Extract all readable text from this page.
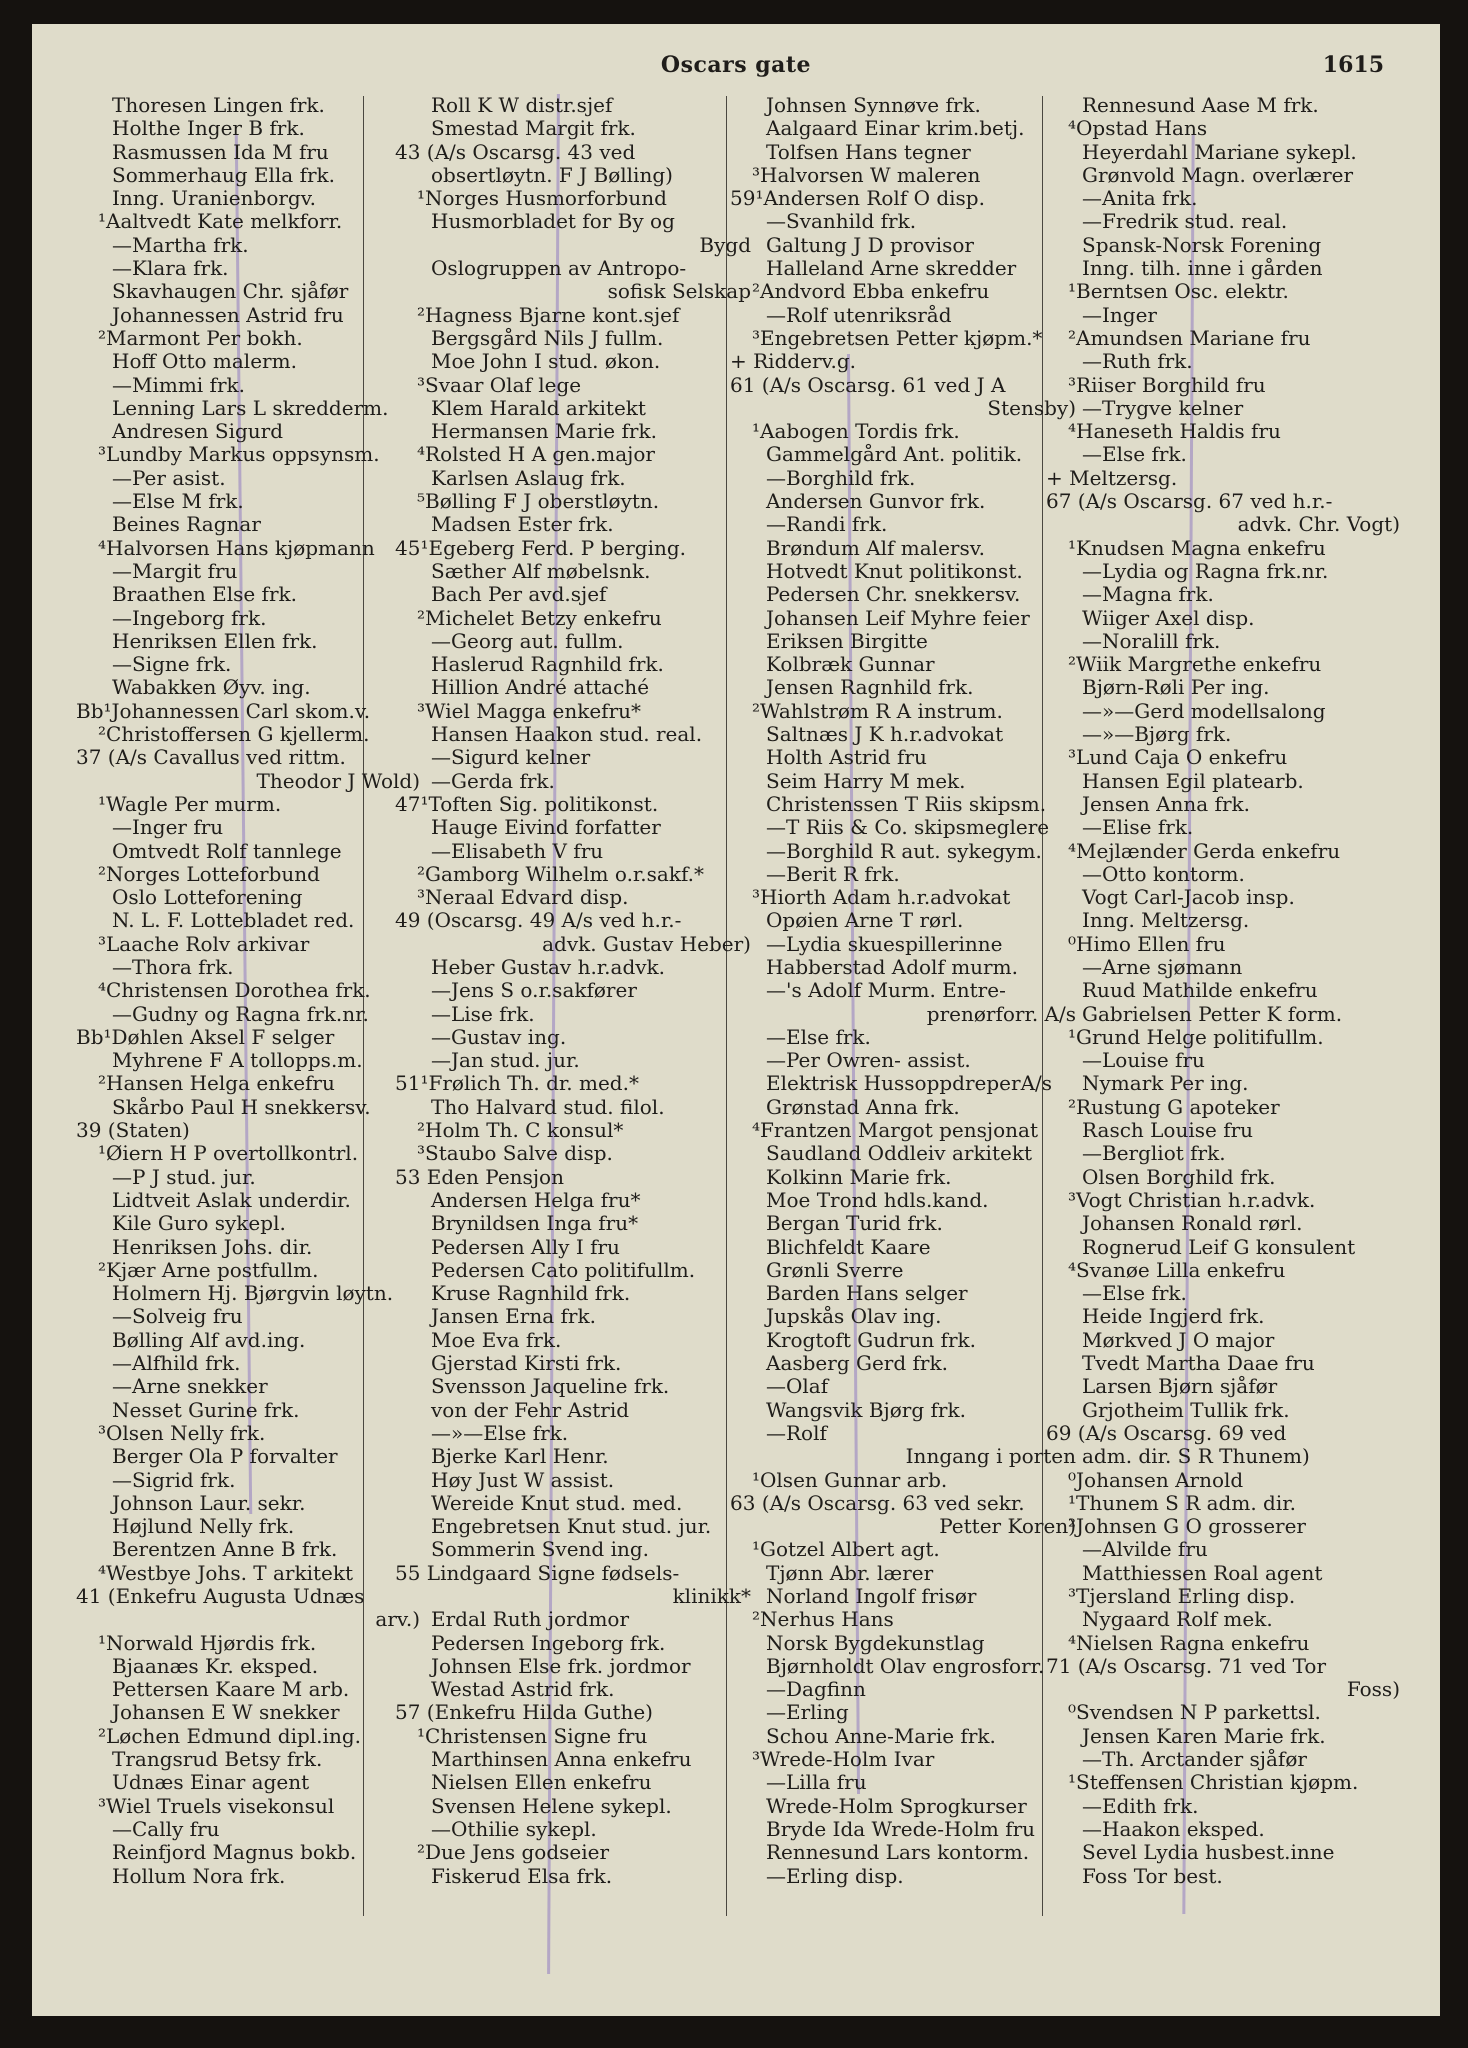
Oscars gate	1615
Thoresen Lingen frk.
Holthe Inger B frk.
Rasmussen Ida M fru
Sommerhaug Ella frk.
Inng. Uranienborgv.
¹Aaltvedt Kate melkforr.
—Martha frk.
—Klara frk.
Skavhaugen Chr. sjåfør
Johannessen Astrid fru
²Marmont Per bokh.
Hoff Otto malerm.
—Mimmi frk.
Lenning Lars L skredderm.
Andresen Sigurd
³Lundby Markus oppsynsm.
—Per asist.
—Else M frk.
Beines Ragnar
⁴Halvorsen Hans kjøpmann
—Margit fru
Braathen Else frk.
—Ingeborg frk.
Henriksen Ellen frk.
—Signe frk.
Wabakken Øyv. ing.
Bb¹Johannessen Carl skom.v.
²Christoffersen G kjellerm.
37 (A/s Cavallus ved rittm.
Theodor J Wold)
¹Wagle Per murm.
—Inger fru
Omtvedt Rolf tannlege
²Norges Lotteforbund
Oslo Lotteforening
N. L. F. Lottebladet red.
³Laache Rolv arkivar
—Thora frk.
⁴Christensen Dorothea frk.
—Gudny og Ragna frk.nr.
Bb¹Døhlen Aksel F selger
Myhrene F A tollopps.m.
²Hansen Helga enkefru
Skårbo Paul H snekkersv.
39 (Staten)
¹Øiern H P overtollkontrl.
—P J stud. jur.
Lidtveit Aslak underdir.
Kile Guro sykepl.
Henriksen Johs. dir.
²Kjær Arne postfullm.
Holmern Hj. Bjørgvin løytn.
—Solveig fru
Bølling Alf avd.ing.
—Alfhild frk.
—Arne snekker
Nesset Gurine frk.
³Olsen Nelly frk.
Berger Ola P forvalter
—Sigrid frk.
Johnson Laur. sekr.
Højlund Nelly frk.
Berentzen Anne B frk.
⁴Westbye Johs. T arkitekt
41 (Enkefru Augusta Udnæs
arv.)
¹Norwald Hjørdis frk.
Bjaanæs Kr. eksped.
Pettersen Kaare M arb.
Johansen E W snekker
²Løchen Edmund dipl.ing.
Trangsrud Betsy frk.
Udnæs Einar agent
³Wiel Truels visekonsul
—Cally fru
Reinfjord Magnus bokb.
Hollum Nora frk.
Roll K W distr.sjef
Smestad Margit frk.
43 (A/s Oscarsg. 43 ved
obsertløytn. F J Bølling)
¹Norges Husmorforbund
Husmorbladet for By og
Bygd
Oslogruppen av Antropo-
sofisk Selskap
²Hagness Bjarne kont.sjef
Bergsgård Nils J fullm.
Moe John I stud. økon.
³Svaar Olaf lege
Klem Harald arkitekt
Hermansen Marie frk.
⁴Rolsted H A gen.major
Karlsen Aslaug frk.
⁵Bølling F J oberstløytn.
Madsen Ester frk.
45¹Egeberg Ferd. P berging.
Sæther Alf møbelsnk.
Bach Per avd.sjef
²Michelet Betzy enkefru
—Georg aut. fullm.
Haslerud Ragnhild frk.
Hillion André attaché
³Wiel Magga enkefru*
Hansen Haakon stud. real.
—Sigurd kelner
—Gerda frk.
47¹Toften Sig. politikonst.
Hauge Eivind forfatter
—Elisabeth V fru
²Gamborg Wilhelm o.r.sakf.*
³Neraal Edvard disp.
49 (Oscarsg. 49 A/s ved h.r.-
advk. Gustav Heber)
Heber Gustav h.r.advk.
—Jens S o.r.sakfører
—Lise frk.
—Gustav ing.
—Jan stud. jur.
51¹Frølich Th. dr. med.*
Tho Halvard stud. filol.
²Holm Th. C konsul*
³Staubo Salve disp.
53 Eden Pensjon
Andersen Helga fru*
Brynildsen Inga fru*
Pedersen Ally I fru
Pedersen Cato politifullm.
Kruse Ragnhild frk.
Jansen Erna frk.
Moe Eva frk.
Gjerstad Kirsti frk.
Svensson Jaqueline frk.
von der Fehr Astrid
—»—Else frk.
Bjerke Karl Henr.
Høy Just W assist.
Wereide Knut stud. med.
Engebretsen Knut stud. jur.
Sommerin Svend ing.
55 Lindgaard Signe fødsels-
klinikk*
Erdal Ruth jordmor
Pedersen Ingeborg frk.
Johnsen Else frk. jordmor
Westad Astrid frk.
57 (Enkefru Hilda Guthe)
¹Christensen Signe fru
Marthinsen Anna enkefru
Nielsen Ellen enkefru
Svensen Helene sykepl.
—Othilie sykepl.
²Due Jens godseier
Fiskerud Elsa frk.
Johnsen Synnøve frk.
Aalgaard Einar krim.betj.
Tolfsen Hans tegner
³Halvorsen W maleren
59¹Andersen Rolf O disp.
—Svanhild frk.
Galtung J D provisor
Halleland Arne skredder
²Andvord Ebba enkefru
—Rolf utenriksråd
³Engebretsen Petter kjøpm.*
+ Ridderv.g.
61 (A/s Oscarsg. 61 ved J A
Stensby)
¹Aabogen Tordis frk.
Gammelgård Ant. politik.
—Borghild frk.
Andersen Gunvor frk.
—Randi frk.
Brøndum Alf malersv.
Hotvedt Knut politikonst.
Pedersen Chr. snekkersv.
Johansen Leif Myhre feier
Eriksen Birgitte
Kolbræk Gunnar
Jensen Ragnhild frk.
²Wahlstrøm R A instrum.
Saltnæs J K h.r.advokat
Holth Astrid fru
Seim Harry M mek.
Christenssen T Riis skipsm.
—T Riis & Co. skipsmeglere
—Borghild R aut. sykegym.
—Berit R frk.
³Hiorth Adam h.r.advokat
Opøien Arne T rørl.
—Lydia skuespillerinne
Habberstad Adolf murm.
—'s Adolf Murm. Entre-
prenørforr. A/s
—Else frk.
—Per Owren- assist.
Elektrisk HussoppdreperA/s
Grønstad Anna frk.
⁴Frantzen Margot pensjonat
Saudland Oddleiv arkitekt
Kolkinn Marie frk.
Moe Trond hdls.kand.
Bergan Turid frk.
Blichfeldt Kaare
Grønli Sverre
Barden Hans selger
Jupskås Olav ing.
Krogtoft Gudrun frk.
Aasberg Gerd frk.
—Olaf
Wangsvik Bjørg frk.
—Rolf
Inngang i porten
¹Olsen Gunnar arb.
63 (A/s Oscarsg. 63 ved sekr.
Petter Koren)
¹Gotzel Albert agt.
Tjønn Abr. lærer
Norland Ingolf frisør
²Nerhus Hans
Norsk Bygdekunstlag
Bjørnholdt Olav engrosforr.
—Dagfinn
—Erling
Schou Anne-Marie frk.
³Wrede-Holm Ivar
—Lilla fru
Wrede-Holm Sprogkurser
Bryde Ida Wrede-Holm fru
Rennesund Lars kontorm.
—Erling disp.
Rennesund Aase M frk.
⁴Opstad Hans
Heyerdahl Mariane sykepl.
Grønvold Magn. overlærer
—Anita frk.
—Fredrik stud. real.
Spansk-Norsk Forening
Inng. tilh. inne i gården
¹Berntsen Osc. elektr.
—Inger
²Amundsen Mariane fru
—Ruth frk.
³Riiser Borghild fru
—Trygve kelner
⁴Haneseth Haldis fru
—Else frk.
+ Meltzersg.
67 (A/s Oscarsg. 67 ved h.r.-
advk. Chr. Vogt)
¹Knudsen Magna enkefru
—Lydia og Ragna frk.nr.
—Magna frk.
Wiiger Axel disp.
—Noralill frk.
²Wiik Margrethe enkefru
Bjørn-Røli Per ing.
—»—Gerd modellsalong
—»—Bjørg frk.
³Lund Caja O enkefru
Hansen Egil platearb.
Jensen Anna frk.
—Elise frk.
⁴Mejlænder Gerda enkefru
—Otto kontorm.
Vogt Carl-Jacob insp.
Inng. Meltzersg.
⁰Himo Ellen fru
—Arne sjømann
Ruud Mathilde enkefru
Gabrielsen Petter K form.
¹Grund Helge politifullm.
—Louise fru
Nymark Per ing.
²Rustung G apoteker
Rasch Louise fru
—Bergliot frk.
Olsen Borghild frk.
³Vogt Christian h.r.advk.
Johansen Ronald rørl.
Rognerud Leif G konsulent
⁴Svanøe Lilla enkefru
—Else frk.
Heide Ingjerd frk.
Mørkved J O major
Tvedt Martha Daae fru
Larsen Bjørn sjåfør
Grjotheim Tullik frk.
69 (A/s Oscarsg. 69 ved
adm. dir. S R Thunem)
⁰Johansen Arnold
¹Thunem S R adm. dir.
²Johnsen G O grosserer
—Alvilde fru
Matthiessen Roal agent
³Tjersland Erling disp.
Nygaard Rolf mek.
⁴Nielsen Ragna enkefru
71 (A/s Oscarsg. 71 ved Tor
Foss)
⁰Svendsen N P parkettsl.
Jensen Karen Marie frk.
—Th. Arctander sjåfør
¹Steffensen Christian kjøpm.
—Edith frk.
—Haakon eksped.
Sevel Lydia husbest.inne
Foss Tor best.
